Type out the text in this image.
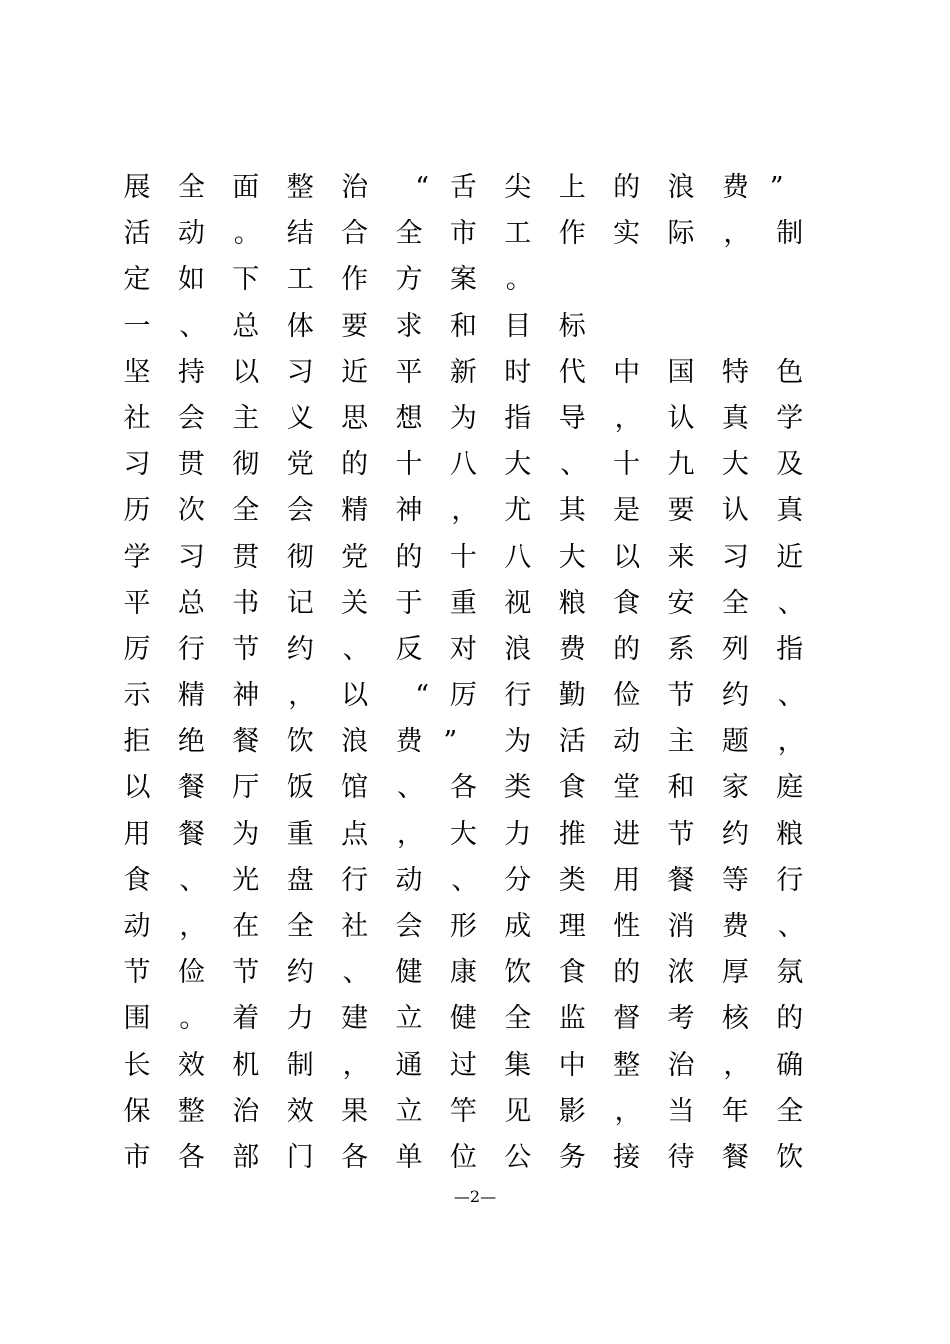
展 全 面 整 治	“ 舌 尖 上 的 浪 费 ”
活 动 。 结 合 全 市 工 作 实 际 ， 制
定 如 下 工 作 方 案 。
一 、 总 体 要 求 和 目 标
坚 持 以 习 近 平 新 时 代 中 国 特 色
社 会 主 义 思 想 为 指 导 ， 认 真 学
习 贯 彻 党 的 十 八 大 、 十 九 大 及
历 次 全 会 精 神 ， 尤 其 是 要 认 真
学 习 贯 彻 党 的 十 八 大 以 来 习 近
平 总 书 记 关 于 重 视 粮 食 安 全 、
厉 行 节 约 、 反 对 浪 费 的 系 列 指
示 精 神 ， 以	“ 厉 行 勤 俭 节 约 、
拒 绝 餐 饮 浪 费 ”	为 活 动 主 题 ，
以 餐 厅 饭 馆 、 各 类 食 堂 和 家 庭
用 餐 为 重 点 ， 大 力 推 进 节 约 粮
食 、 光 盘 行 动 、 分 类 用 餐 等 行
动 ， 在 全 社 会 形 成 理 性 消 费 、
节 俭 节 约 、 健 康 饮 食 的 浓 厚 氛
围 。 着 力 建 立 健 全 监 督 考 核 的
长 效 机 制 ， 通 过 集 中 整 治 ， 确
保 整 治 效 果 立 竿 见 影 ， 当 年 全
市 各 部 门 各 单 位 公 务 接 待 餐 饮
—2—
